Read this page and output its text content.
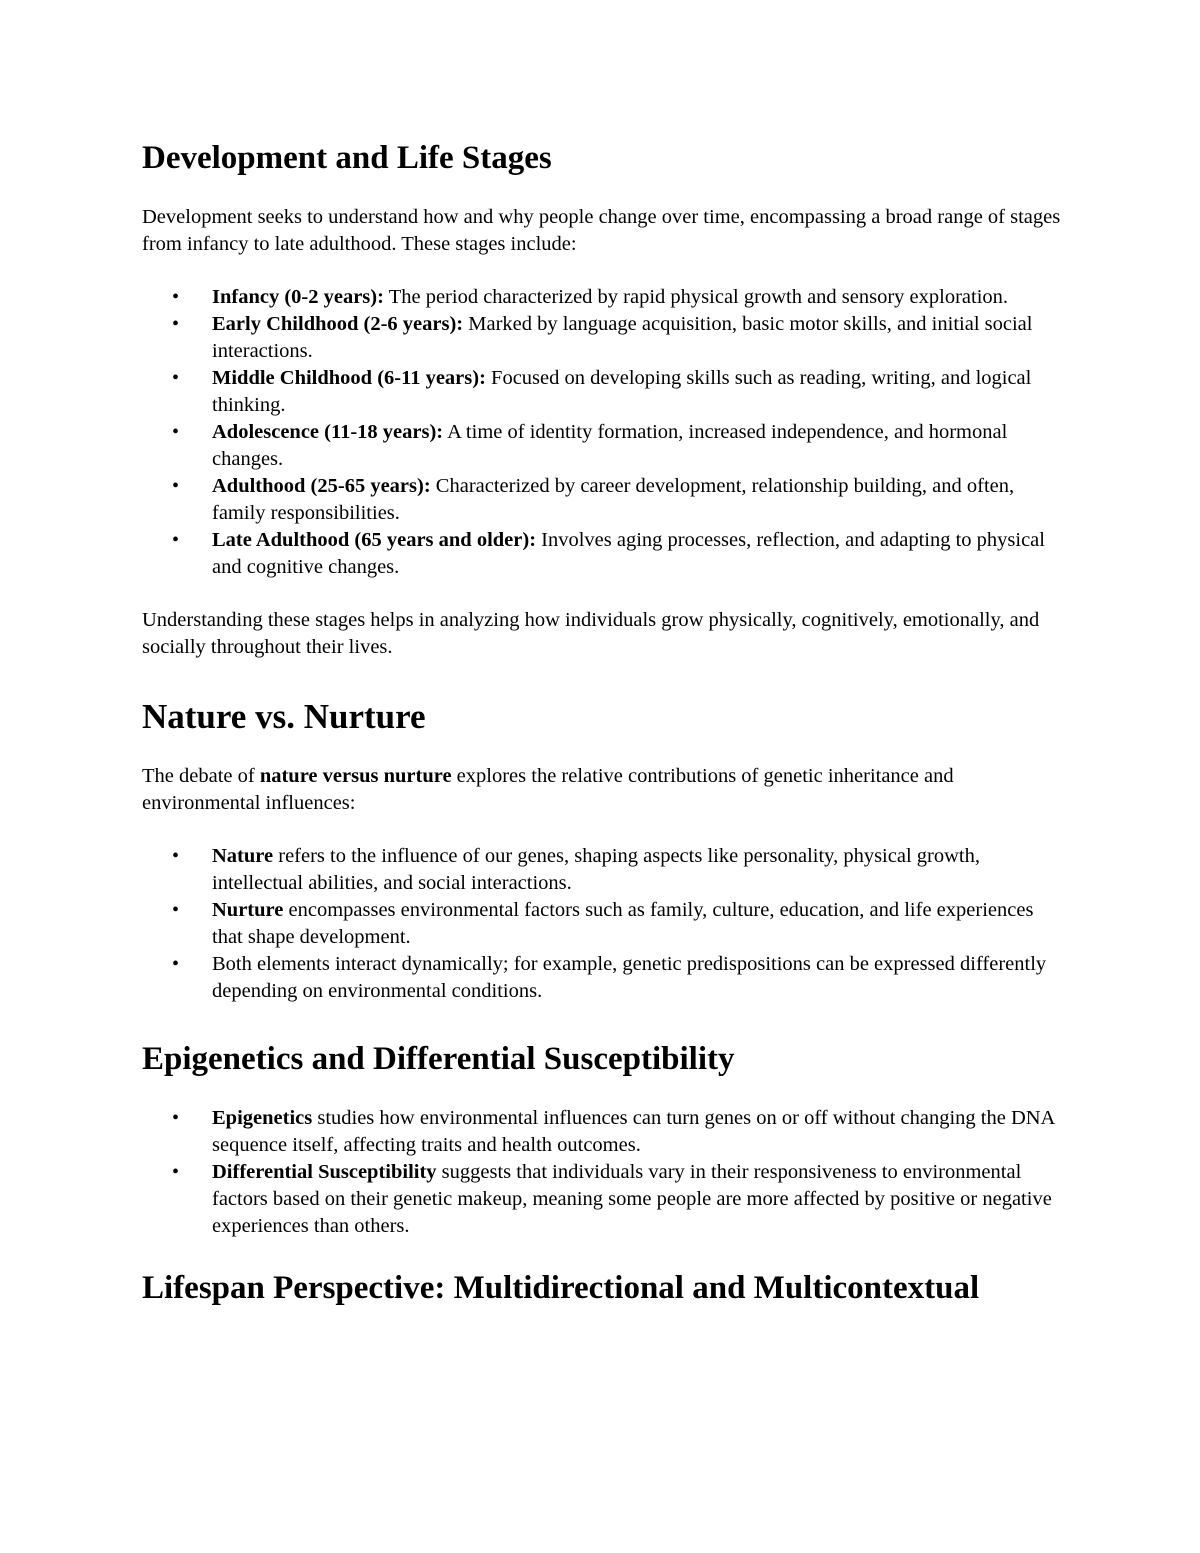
Development and Life Stages

Development seeks to understand how and why people change over time, encompassing a broad range of stages from infancy to late adulthood. These stages include:

• Infancy (0-2 years): The period characterized by rapid physical growth and sensory exploration.
• Early Childhood (2-6 years): Marked by language acquisition, basic motor skills, and initial social interactions.
• Middle Childhood (6-11 years): Focused on developing skills such as reading, writing, and logical thinking.
• Adolescence (11-18 years): A time of identity formation, increased independence, and hormonal changes.
• Adulthood (25-65 years): Characterized by career development, relationship building, and often, family responsibilities.
• Late Adulthood (65 years and older): Involves aging processes, reflection, and adapting to physical and cognitive changes.

Understanding these stages helps in analyzing how individuals grow physically, cognitively, emotionally, and socially throughout their lives.

Nature vs. Nurture

The debate of nature versus nurture explores the relative contributions of genetic inheritance and environmental influences:

• Nature refers to the influence of our genes, shaping aspects like personality, physical growth, intellectual abilities, and social interactions.
• Nurture encompasses environmental factors such as family, culture, education, and life experiences that shape development.
• Both elements interact dynamically; for example, genetic predispositions can be expressed differently depending on environmental conditions.
Epigenetics and Differential Susceptibility
• Epigenetics studies how environmental influences can turn genes on or off without changing the DNA sequence itself, affecting traits and health outcomes.
• Differential Susceptibility suggests that individuals vary in their responsiveness to environmental factors based on their genetic makeup, meaning some people are more affected by positive or negative experiences than others.
Lifespan Perspective: Multidirectional and Multicontextual
